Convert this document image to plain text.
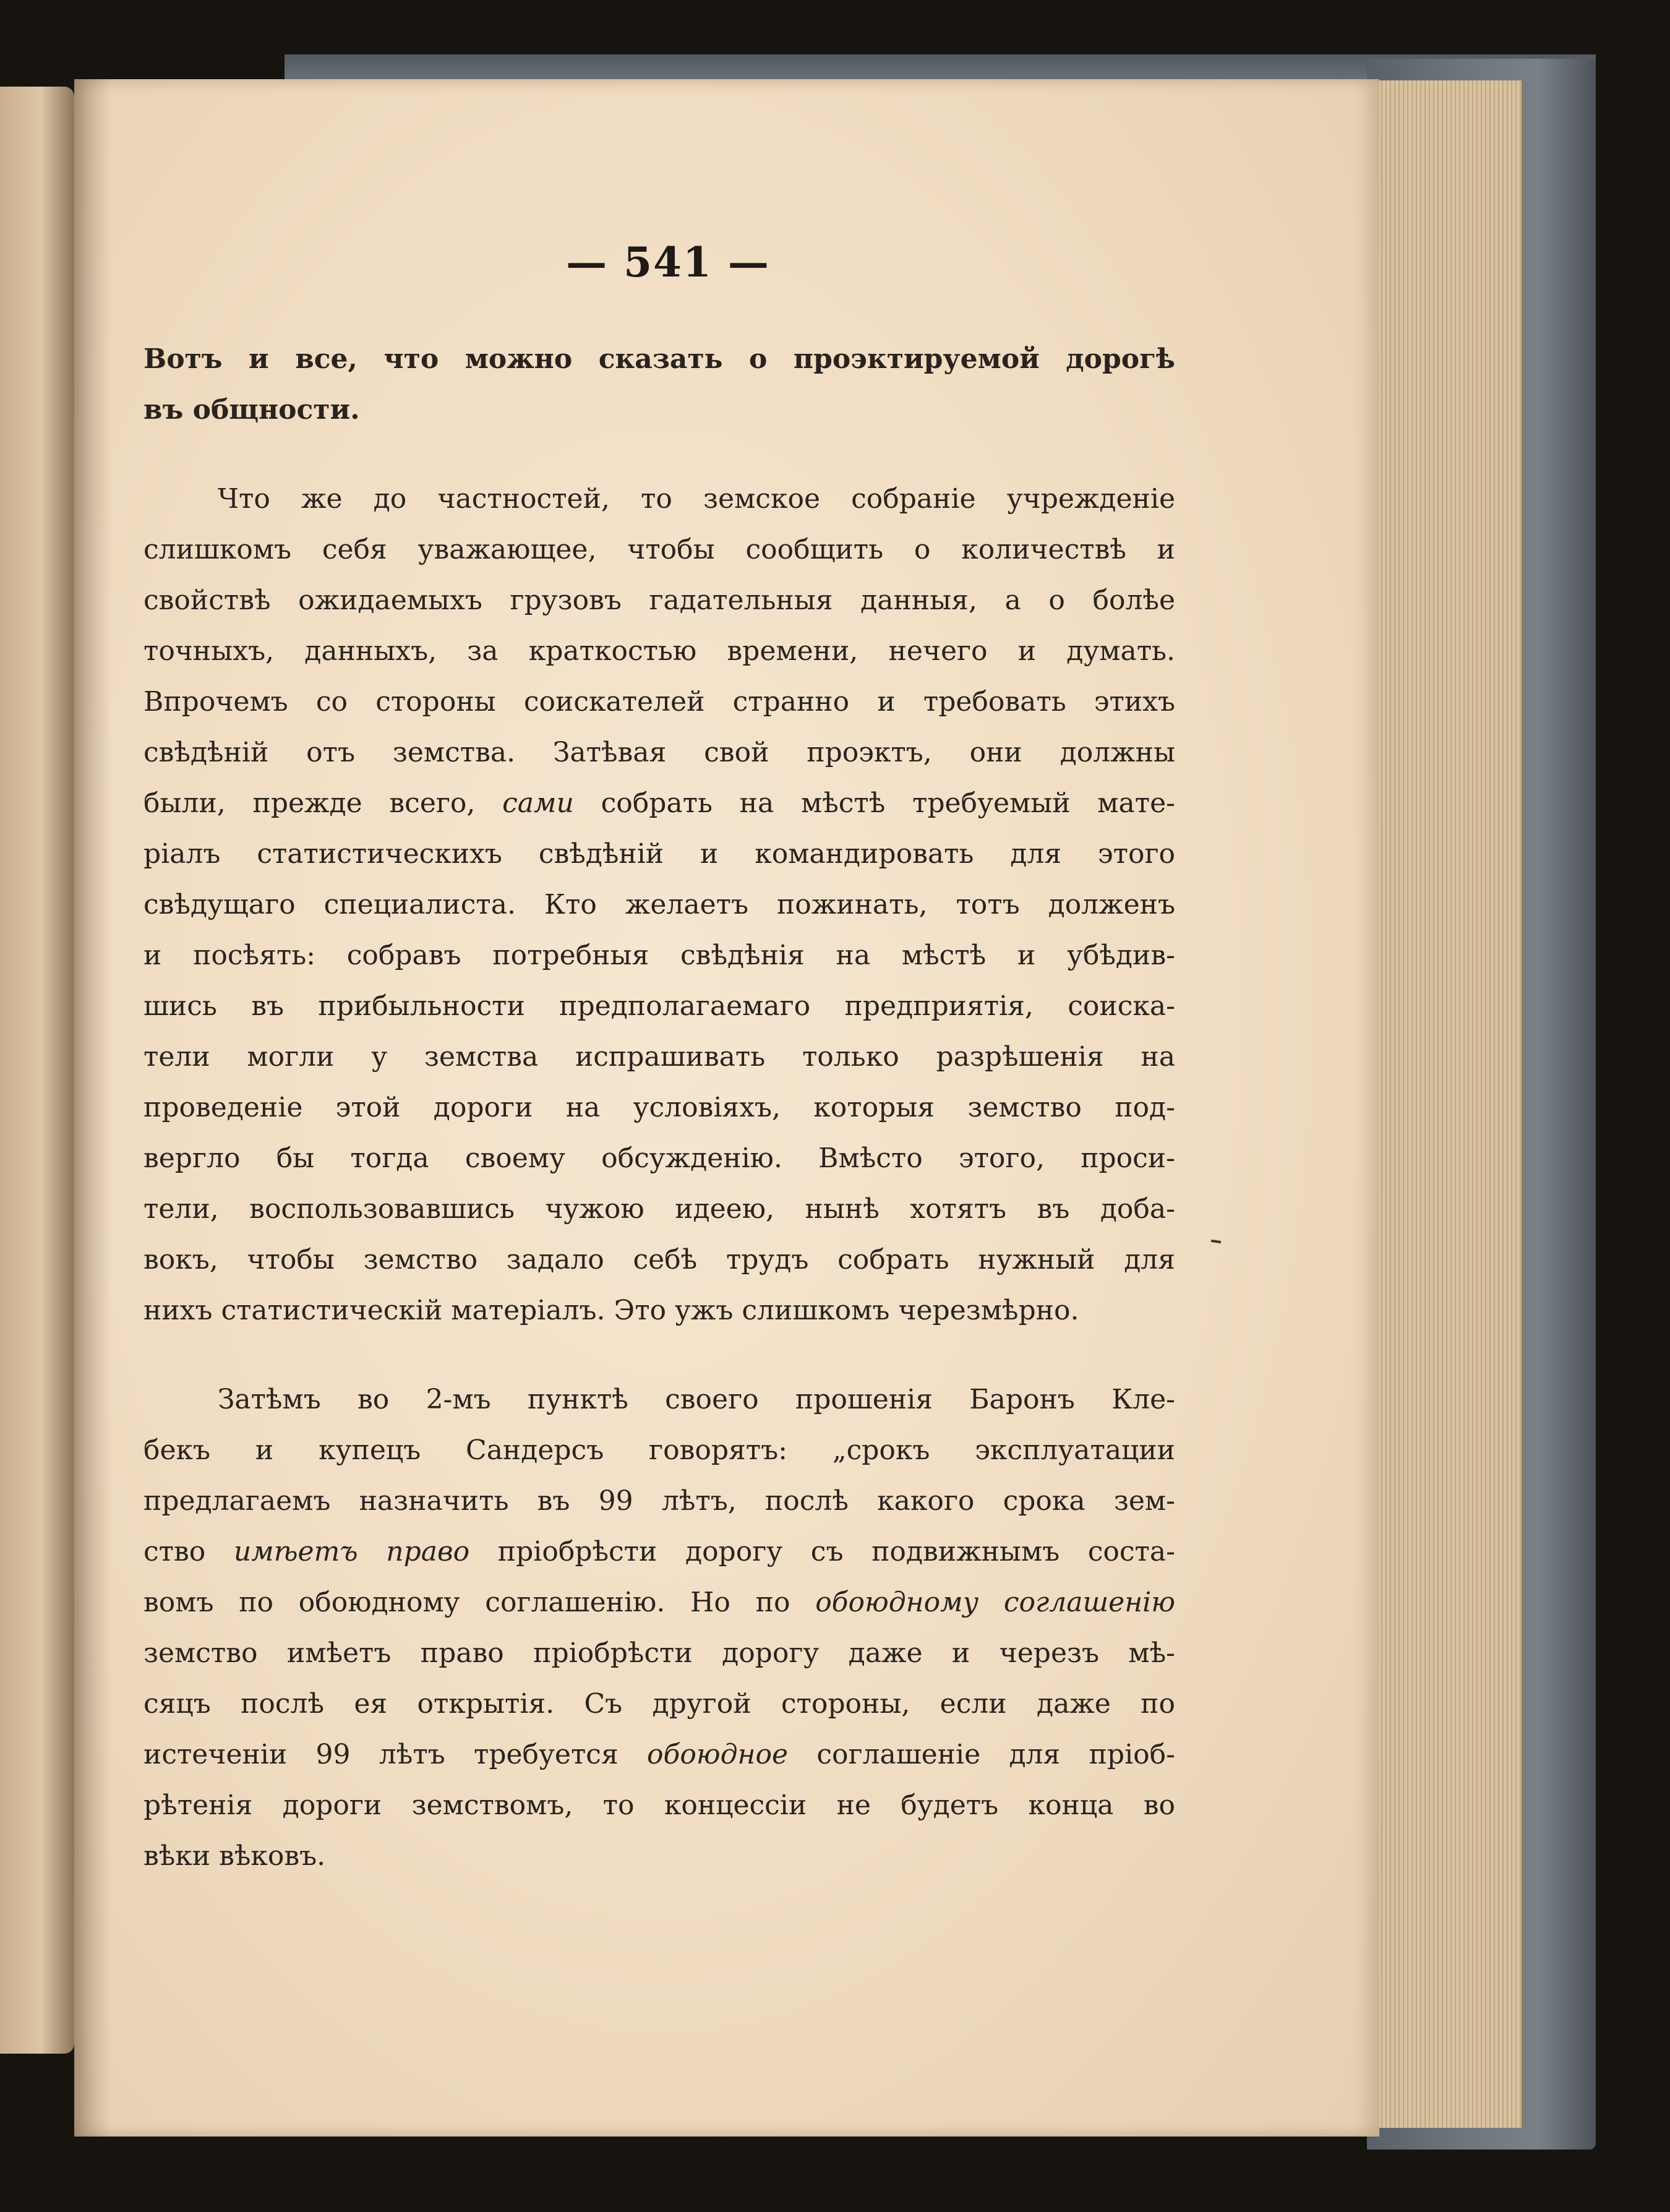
— 541 —
Вотъ и все, что можно сказать о проэктируемой дорогѣ
въ общности.
Что же до частностей, то земское собранie учрежденie
слишкомъ себя уважающее, чтобы сообщить о количествѣ и
свойствѣ ожидаемыхъ грузовъ гадательныя данныя, а о болѣе
точныхъ, данныхъ, за краткостью времени, нечего и думать.
Впрочемъ со стороны соискателей странно и требовать этихъ
свѣдѣнiй отъ земства. Затѣвая свой проэктъ, они должны
были, прежде всего, сами собрать на мѣстѣ требуемый мате-
рiалъ статистическихъ свѣдѣнiй и командировать для этого
свѣдущаго специалиста. Кто желаетъ пожинать, тотъ долженъ
и посѣять: собравъ потребныя свѣдѣнiя на мѣстѣ и убѣдив-
шись въ прибыльности предполагаемаго предприятiя, соиска-
тели могли у земства испрашивать только разрѣшенiя на
проведенiе этой дороги на условiяхъ, которыя земство под-
вергло бы тогда своему обсужденiю. Вмѣсто этого, проси-
тели, воспользовавшись чужою идеею, нынѣ хотятъ въ доба-
вокъ, чтобы земство задало себѣ трудъ собрать нужный для
нихъ статистическiй матерiалъ. Это ужъ слишкомъ черезмѣрно.
Затѣмъ во 2-мъ пунктѣ своего прошенiя Баронъ Кле-
бекъ и купецъ Сандерсъ говорятъ: „срокъ эксплуатации
предлагаемъ назначить въ 99 лѣтъ, послѣ какого срока зем-
ство имѣетъ право прiобрѣсти дорогу съ подвижнымъ соста-
вомъ по обоюдному соглашенiю. Но по обоюдному соглашенiю
земство имѣетъ право прiобрѣсти дорогу даже и черезъ мѣ-
сяцъ послѣ ея открытiя. Съ другой стороны, если даже по
истеченiи 99 лѣтъ требуется обоюдное соглашенiе для прiоб-
рѣтенiя дороги земствомъ, то концессiи не будетъ конца во
вѣки вѣковъ.
